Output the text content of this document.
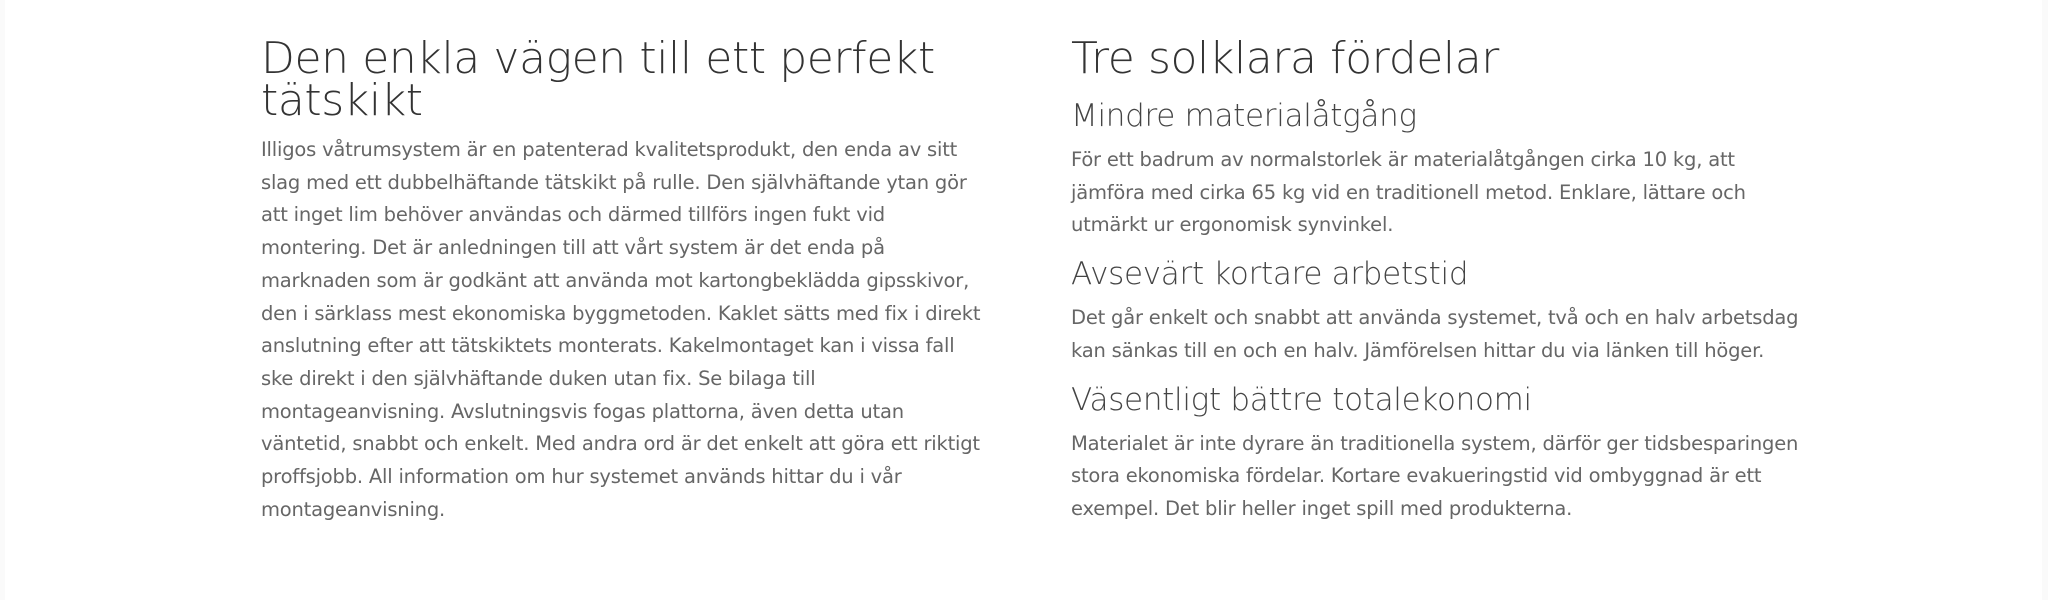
Den enkla vägen till ett perfekt tätskikt

Illigos våtrumsystem är en patenterad kvalitetsprodukt, den enda av sitt slag med ett dubbelhäftande tätskikt på rulle. Den självhäftande ytan gör att inget lim behöver användas och därmed tillförs ingen fukt vid montering. Det är anledningen till att vårt system är det enda på marknaden som är godkänt att använda mot kartongbeklädda gipsskivor, den i särklass mest ekonomiska byggmetoden. Kaklet sätts med fix i direkt anslutning efter att tätskiktets monterats. Kakelmontaget kan i vissa fall ske direkt i den självhäftande duken utan fix. Se bilaga till montageanvisning. Avslutningsvis fogas plattorna, även detta utan väntetid, snabbt och enkelt. Med andra ord är det enkelt att göra ett riktigt proffsjobb. All information om hur systemet används hittar du i vår montageanvisning.

Tre solklara fördelar
Mindre materialåtgång

För ett badrum av normalstorlek är materialåtgången cirka 10 kg, att jämföra med cirka 65 kg vid en traditionell metod. Enklare, lättare och utmärkt ur ergonomisk synvinkel.

Avsevärt kortare arbetstid

Det går enkelt och snabbt att använda systemet, två och en halv arbetsdag kan sänkas till en och en halv. Jämförelsen hittar du via länken till höger.

Väsentligt bättre totalekonomi

Materialet är inte dyrare än traditionella system, därför ger tidsbesparingen stora ekonomiska fördelar. Kortare evakueringstid vid ombyggnad är ett exempel. Det blir heller inget spill med produkterna.
